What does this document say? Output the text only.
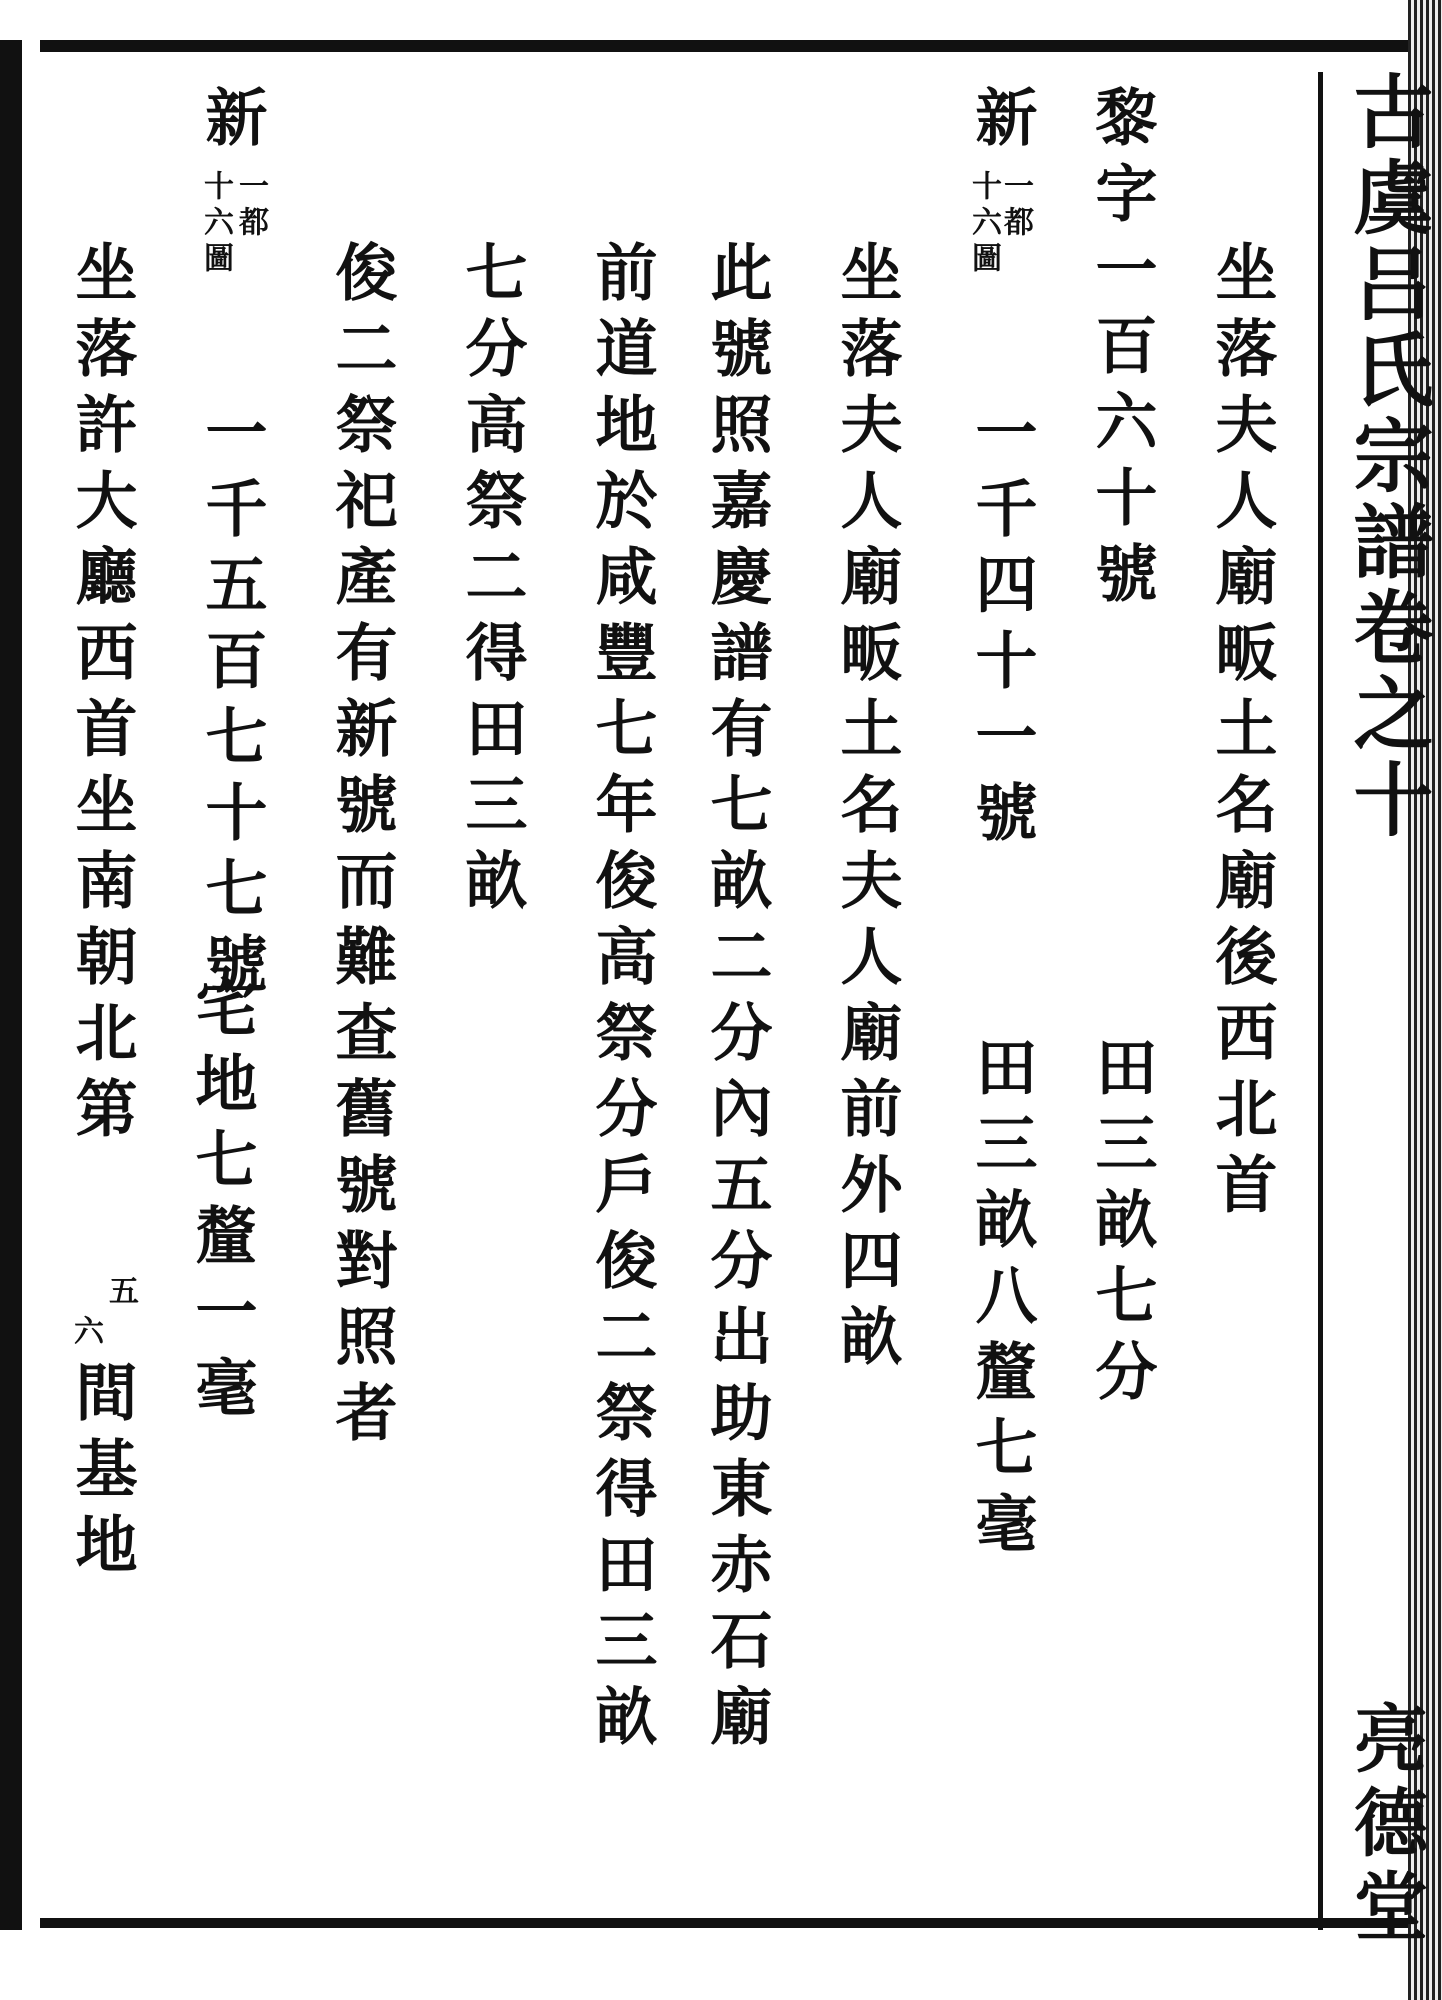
古虞吕氏宗譜卷之十
亮德堂
坐落夫人廟畈土名廟後西北首
田三畝七分
黎字一百六十號
新
一都
十六圖
一千四十一號
田三畝八釐七毫
坐落夫人廟畈土名夫人廟前外四畝
此號照嘉慶譜有七畝二分內五分出助東赤石廟
前道地於咸豐七年俊高祭分戶俊二祭得田三畝
七分高祭二得田三畝
俊二祭祀產有新號而難查舊號對照者
新
一都
十六圖
一千五百七十七號
宅地七釐一毫
坐落許大廳西首坐南朝北第
五
六
間基地
